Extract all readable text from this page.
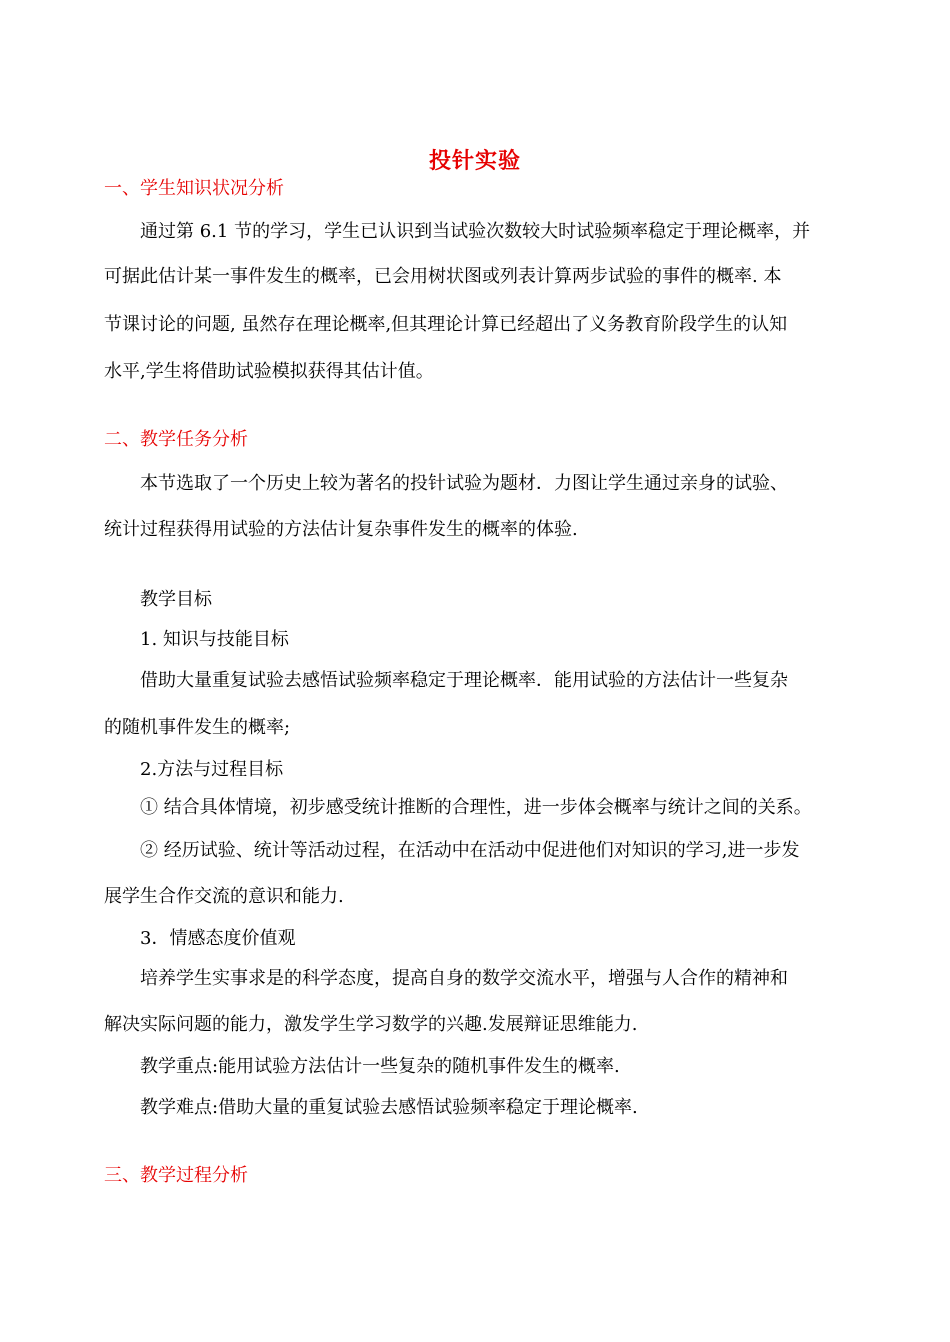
投针实验
一、学生知识状况分析
通过第 6.1 节的学习，学生已认识到当试验次数较大时试验频率稳定于理论概率，并
可据此估计某一事件发生的概率，已会用树状图或列表计算两步试验的事件的概率. 本
节课讨论的问题, 虽然存在理论概率,但其理论计算已经超出了义务教育阶段学生的认知
水平,学生将借助试验模拟获得其估计值。
二、教学任务分析
本节选取了一个历史上较为著名的投针试验为题材．力图让学生通过亲身的试验、
统计过程获得用试验的方法估计复杂事件发生的概率的体验.
教学目标
1. 知识与技能目标
借助大量重复试验去感悟试验频率稳定于理论概率．能用试验的方法估计一些复杂
的随机事件发生的概率;
2.方法与过程目标
① 结合具体情境，初步感受统计推断的合理性，进一步体会概率与统计之间的关系。
② 经历试验、统计等活动过程，在活动中在活动中促进他们对知识的学习,进一步发
展学生合作交流的意识和能力.
3．情感态度价值观
培养学生实事求是的科学态度，提高自身的数学交流水平，增强与人合作的精神和
解决实际问题的能力，激发学生学习数学的兴趣.发展辩证思维能力.
教学重点:能用试验方法估计一些复杂的随机事件发生的概率.
教学难点:借助大量的重复试验去感悟试验频率稳定于理论概率.
三、教学过程分析
